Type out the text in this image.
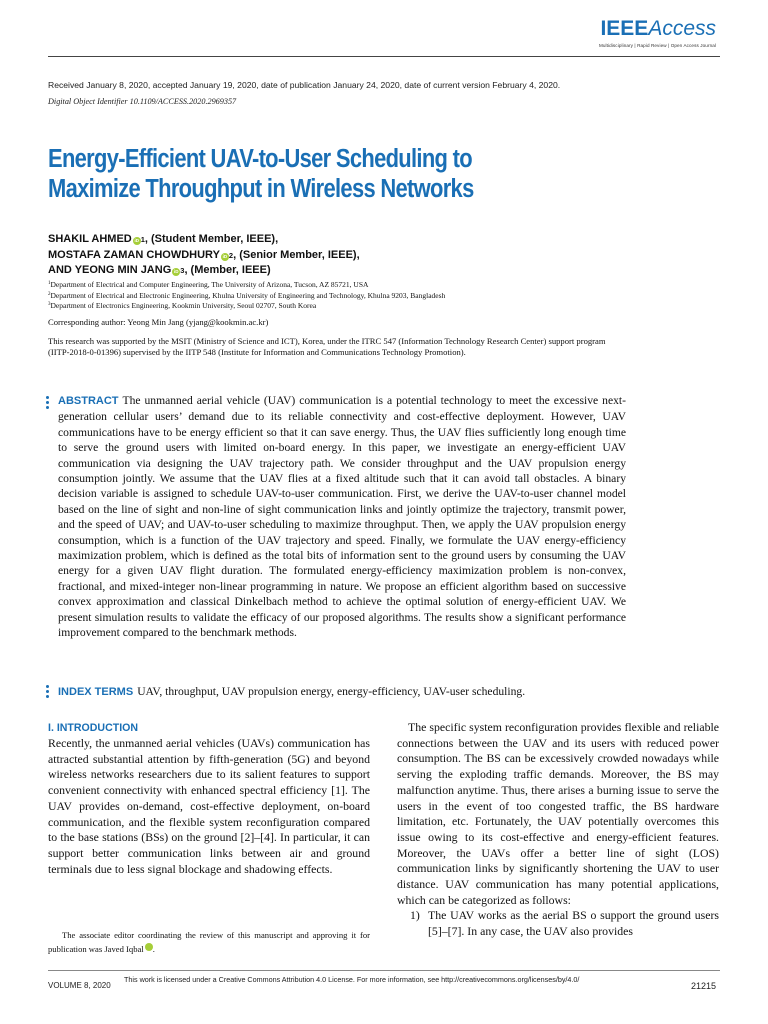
IEEEAccess
Multidisciplinary | Rapid Review | Open Access Journal
Received January 8, 2020, accepted January 19, 2020, date of publication January 24, 2020, date of current version February 4, 2020.
Digital Object Identifier 10.1109/ACCESS.2020.2969357
Energy-Efficient UAV-to-User Scheduling to
Maximize Throughput in Wireless Networks
SHAKIL AHMED iD 1 , (Student Member, IEEE),
MOSTAFA ZAMAN CHOWDHURY iD 2 , (Senior Member, IEEE),
AND YEONG MIN JANG iD 3 , (Member, IEEE)
$^1$Department of Electrical and Computer Engineering, The University of Arizona, Tucson, AZ 85721, USA
$^2$Department of Electrical and Electronic Engineering, Khulna University of Engineering and Technology, Khulna 9203, Bangladesh
$^3$Department of Electronics Engineering, Kookmin University, Seoul 02707, South Korea
Corresponding author: Yeong Min Jang (yjang@kookmin.ac.kr)
This research was supported by the MSIT (Ministry of Science and ICT), Korea, under the ITRC 547 (Information Technology Research Center) support program (IITP-2018-0-01396) supervised by the IITP 548 (Institute for Information and Communications Technology Promotion).
ABSTRACT The unmanned aerial vehicle (UAV) communication is a potential technology to meet the excessive next-generation cellular users’ demand due to its reliable connectivity and cost-effective deployment. However, UAV communications have to be energy efficient so that it can save energy. Thus, the UAV flies sufficiently long enough time to serve the ground users with limited on-board energy. In this paper, we investigate an energy-efficient UAV communication via designing the UAV trajectory path. We consider throughput and the UAV propulsion energy consumption jointly. We assume that the UAV flies at a fixed altitude such that it can avoid tall obstacles. A binary decision variable is assigned to schedule UAV-to-user communication. First, we derive the UAV-to-user channel model based on the line of sight and non-line of sight communication links and jointly optimize the trajectory, transmit power, and the speed of UAV; and UAV-to-user scheduling to maximize throughput. Then, we apply the UAV propulsion energy consumption, which is a function of the UAV trajectory and speed. Finally, we formulate the UAV energy-efficiency maximization problem, which is defined as the total bits of information sent to the ground users by consuming the UAV energy for a given UAV flight duration. The formulated energy-efficiency maximization problem is non-convex, fractional, and mixed-integer non-linear programming in nature. We propose an efficient algorithm based on successive convex approximation and classical Dinkelbach method to achieve the optimal solution of energy-efficient UAV. We present simulation results to validate the efficacy of our proposed algorithms. The results show a significant performance improvement compared to the benchmark methods.
INDEX TERMS UAV, throughput, UAV propulsion energy, energy-efficiency, UAV-user scheduling.
I. INTRODUCTION

Recently, the unmanned aerial vehicles (UAVs) communication has attracted substantial attention by fifth-generation (5G) and beyond wireless networks researchers due to its salient features to support convenient connectivity with enhanced spectral efficiency [1]. The UAV provides on-demand, cost-effective deployment, on-board communication, and the flexible system reconfiguration compared to the base stations (BSs) on the ground [2]–[4]. In particular, it can support better communication links between air and ground terminals due to less signal blockage and shadowing effects.

The associate editor coordinating the review of this manuscript and approving it for publication was Javed Iqbal	iD.

The specific system reconfiguration provides flexible and reliable connections between the UAV and its users with reduced power consumption. The BS can be excessively crowded nowadays while serving the exploding traffic demands. Moreover, the BS may malfunction anytime. Thus, there arises a burning issue to serve the users in the event of too congested traffic, the BS hardware limitation, etc. Fortunately, the UAV potentially overcomes this issue owing to its cost-effective and energy-efficient features. Moreover, the UAVs offer a better line of sight (LOS) communication links by significantly shortening the UAV to user distance. UAV communication has many potential applications, which can be categorized as follows:

1) The UAV works as the aerial BS o support the ground users [5]–[7]. In any case, the UAV also provides
VOLUME 8, 2020
This work is licensed under a Creative Commons Attribution 4.0 License. For more information, see http://creativecommons.org/licenses/by/4.0/
21215
